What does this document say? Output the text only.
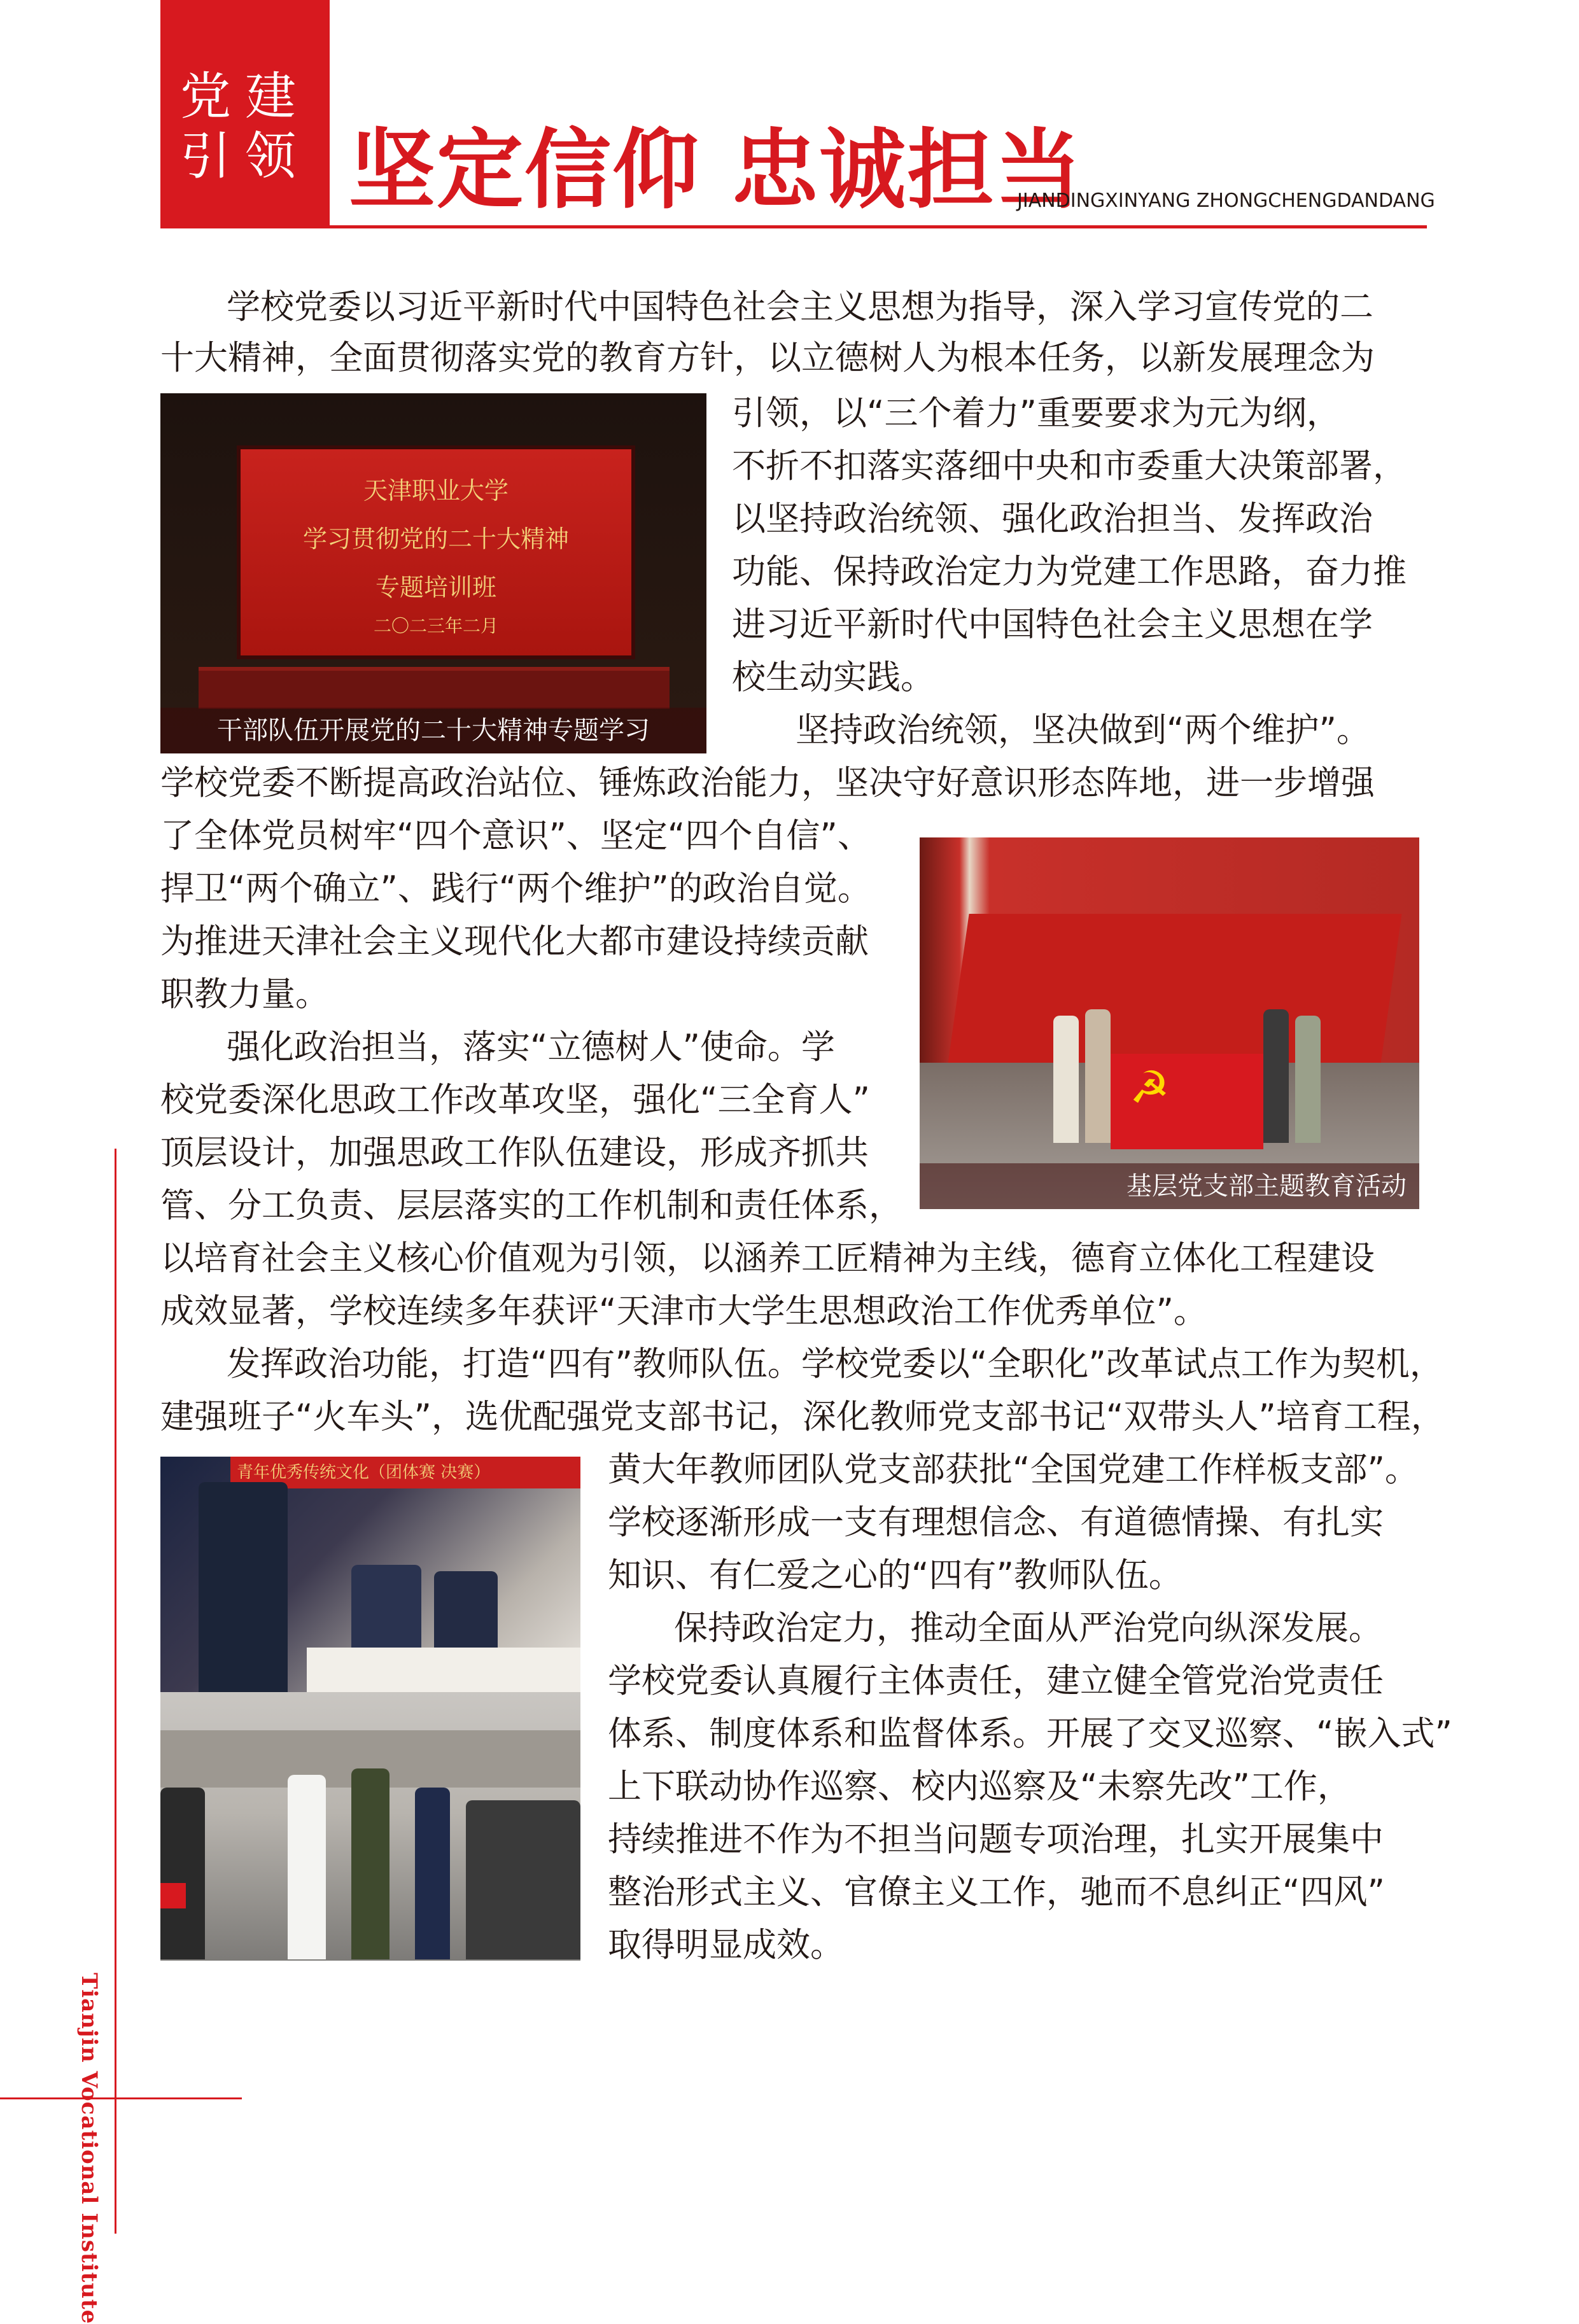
党建
引领 坚定信仰 忠诚担当
JIANDINGXINYANG ZHONGCHENGDANDANG
Tianjin Vocational Institute
天津职业大学
学习贯彻党的二十大精神
专题培训班
二〇二三年二月
干部队伍开展党的二十大精神专题学习
☭
基层党支部主题教育活动
青年优秀传统文化（团体赛 决赛）
学校党委以习近平新时代中国特色社会主义思想为指导，深入学习宣传党的二
十大精神，全面贯彻落实党的教育方针，以立德树人为根本任务，以新发展理念为
引领，以“三个着力”重要要求为元为纲，
不折不扣落实落细中央和市委重大决策部署，
以坚持政治统领、强化政治担当、发挥政治
功能、保持政治定力为党建工作思路，奋力推
进习近平新时代中国特色社会主义思想在学
校生动实践。
坚持政治统领，坚决做到“两个维护”。
学校党委不断提高政治站位、锤炼政治能力，坚决守好意识形态阵地，进一步增强
了全体党员树牢“四个意识”、坚定“四个自信”、
捍卫“两个确立”、践行“两个维护”的政治自觉。
为推进天津社会主义现代化大都市建设持续贡献
职教力量。
强化政治担当，落实“立德树人”使命。学
校党委深化思政工作改革攻坚，强化“三全育人”
顶层设计，加强思政工作队伍建设，形成齐抓共
管、分工负责、层层落实的工作机制和责任体系，
以培育社会主义核心价值观为引领，以涵养工匠精神为主线，德育立体化工程建设
成效显著，学校连续多年获评“天津市大学生思想政治工作优秀单位”。
发挥政治功能，打造“四有”教师队伍。学校党委以“全职化”改革试点工作为契机，
建强班子“火车头”，选优配强党支部书记，深化教师党支部书记“双带头人”培育工程，
黄大年教师团队党支部获批“全国党建工作样板支部”。
学校逐渐形成一支有理想信念、有道德情操、有扎实
知识、有仁爱之心的“四有”教师队伍。
保持政治定力，推动全面从严治党向纵深发展。
学校党委认真履行主体责任，建立健全管党治党责任
体系、制度体系和监督体系。开展了交叉巡察、“嵌入式”
上下联动协作巡察、校内巡察及“未察先改”工作，
持续推进不作为不担当问题专项治理，扎实开展集中
整治形式主义、官僚主义工作，驰而不息纠正“四风”
取得明显成效。
